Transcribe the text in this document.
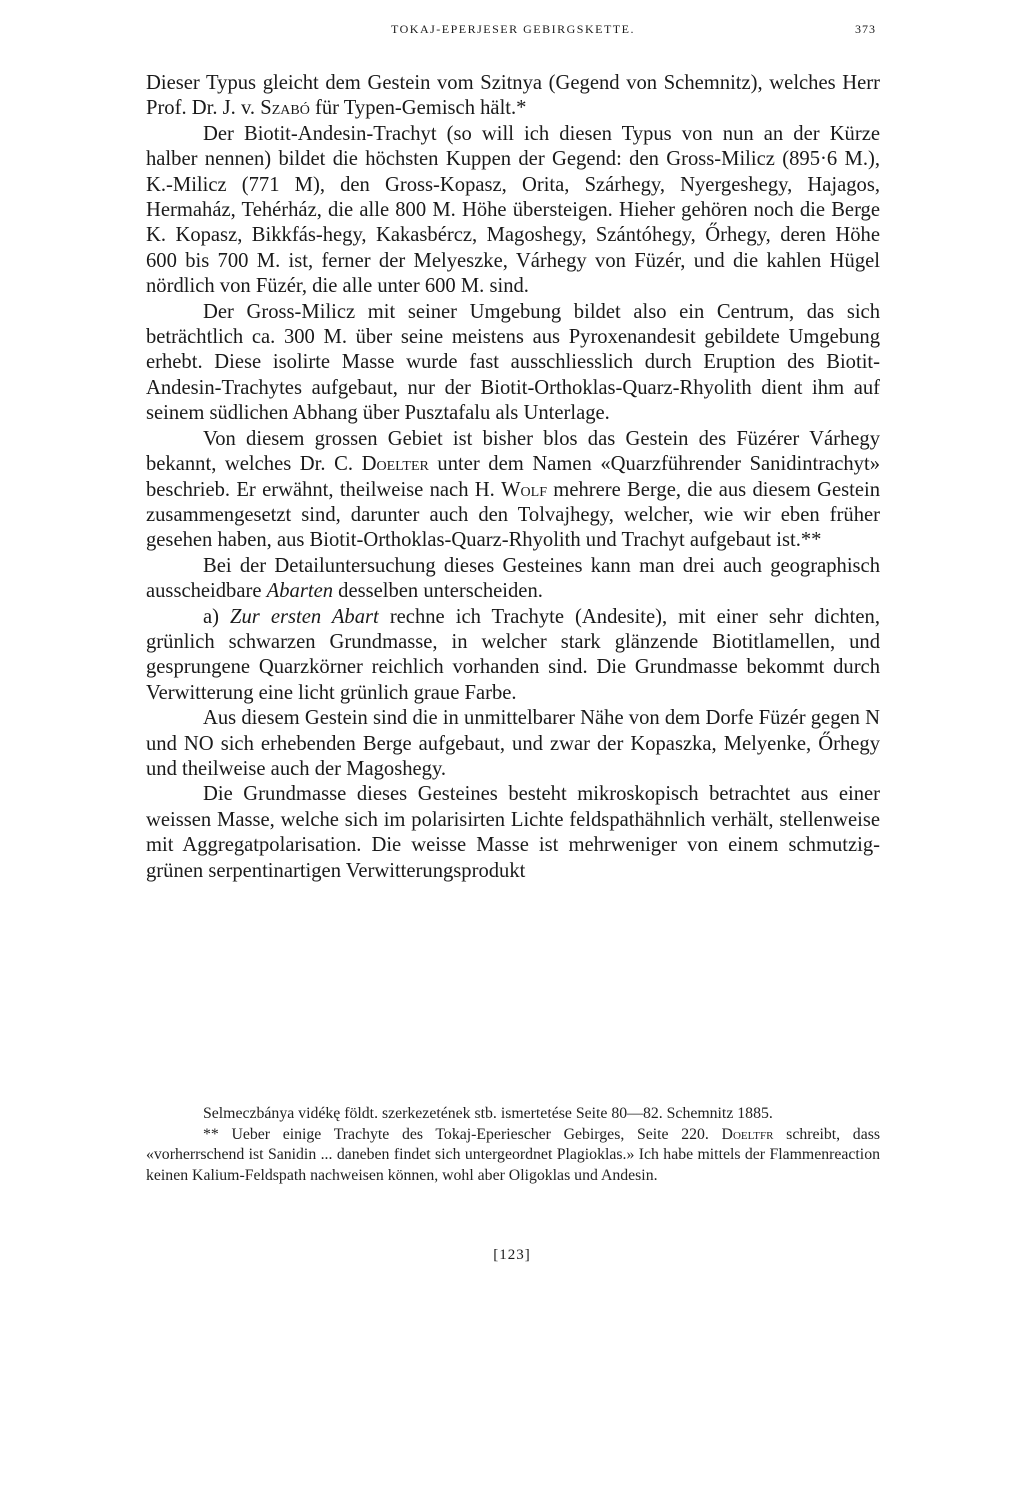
TOKAJ-EPERJESER GEBIRGSKETTE.	373

Dieser Typus gleicht dem Gestein vom Szitnya (Gegend von Schemnitz), welches Herr Prof. Dr. J. v. Szabó für Typen-Gemisch hält.*

Der Biotit-Andesin-Trachyt (so will ich diesen Typus von nun an der Kürze halber nennen) bildet die höchsten Kuppen der Gegend: den Gross-Milicz (895·6 M.), K.-Milicz (771 M), den Gross-Kopasz, Orita, Szárhegy, Nyergeshegy, Hajagos, Hermaház, Tehérház, die alle 800 M. Höhe übersteigen. Hieher gehören noch die Berge K. Kopasz, Bikkfás-hegy, Kakasbércz, Magoshegy, Szántóhegy, Őrhegy, deren Höhe 600 bis 700 M. ist, ferner der Melyeszke, Várhegy von Füzér, und die kahlen Hügel nördlich von Füzér, die alle unter 600 M. sind.

Der Gross-Milicz mit seiner Umgebung bildet also ein Centrum, das sich beträchtlich ca. 300 M. über seine meistens aus Pyroxenandesit gebildete Umgebung erhebt. Diese isolirte Masse wurde fast ausschliesslich durch Eruption des Biotit-Andesin-Trachytes aufgebaut, nur der Biotit-Orthoklas-Quarz-Rhyolith dient ihm auf seinem südlichen Abhang über Pusztafalu als Unterlage.

Von diesem grossen Gebiet ist bisher blos das Gestein des Füzérer Várhegy bekannt, welches Dr. C. Doelter unter dem Namen «Quarzführender Sanidintrachyt» beschrieb. Er erwähnt, theilweise nach H. Wolf mehrere Berge, die aus diesem Gestein zusammengesetzt sind, darunter auch den Tolvajhegy, welcher, wie wir eben früher gesehen haben, aus Biotit-Orthoklas-Quarz-Rhyolith und Trachyt aufgebaut ist.**

Bei der Detailuntersuchung dieses Gesteines kann man drei auch geographisch ausscheidbare Abarten desselben unterscheiden.

a) Zur ersten Abart rechne ich Trachyte (Andesite), mit einer sehr dichten, grünlich schwarzen Grundmasse, in welcher stark glänzende Biotitlamellen, und gesprungene Quarzkörner reichlich vorhanden sind. Die Grundmasse bekommt durch Verwitterung eine licht grünlich graue Farbe.

Aus diesem Gestein sind die in unmittelbarer Nähe von dem Dorfe Füzér gegen N und NO sich erhebenden Berge aufgebaut, und zwar der Kopaszka, Melyenke, Őrhegy und theilweise auch der Magoshegy.

Die Grundmasse dieses Gesteines besteht mikroskopisch betrachtet aus einer weissen Masse, welche sich im polarisirten Lichte feldspathähnlich verhält, stellenweise mit Aggregatpolarisation. Die weisse Masse ist mehrweniger von einem schmutzig-grünen serpentinartigen Verwitterungsprodukt

Selmeczbánya vidékę földt. szerkezetének stb. ismertetése Seite 80—82. Schemnitz 1885.

** Ueber einige Trachyte des Tokaj-Eperiescher Gebirges, Seite 220. Doeltfr schreibt, dass «vorherrschend ist Sanidin ... daneben findet sich untergeordnet Plagioklas.» Ich habe mittels der Flammenreaction keinen Kalium-Feldspath nachweisen können, wohl aber Oligoklas und Andesin.

[123]
